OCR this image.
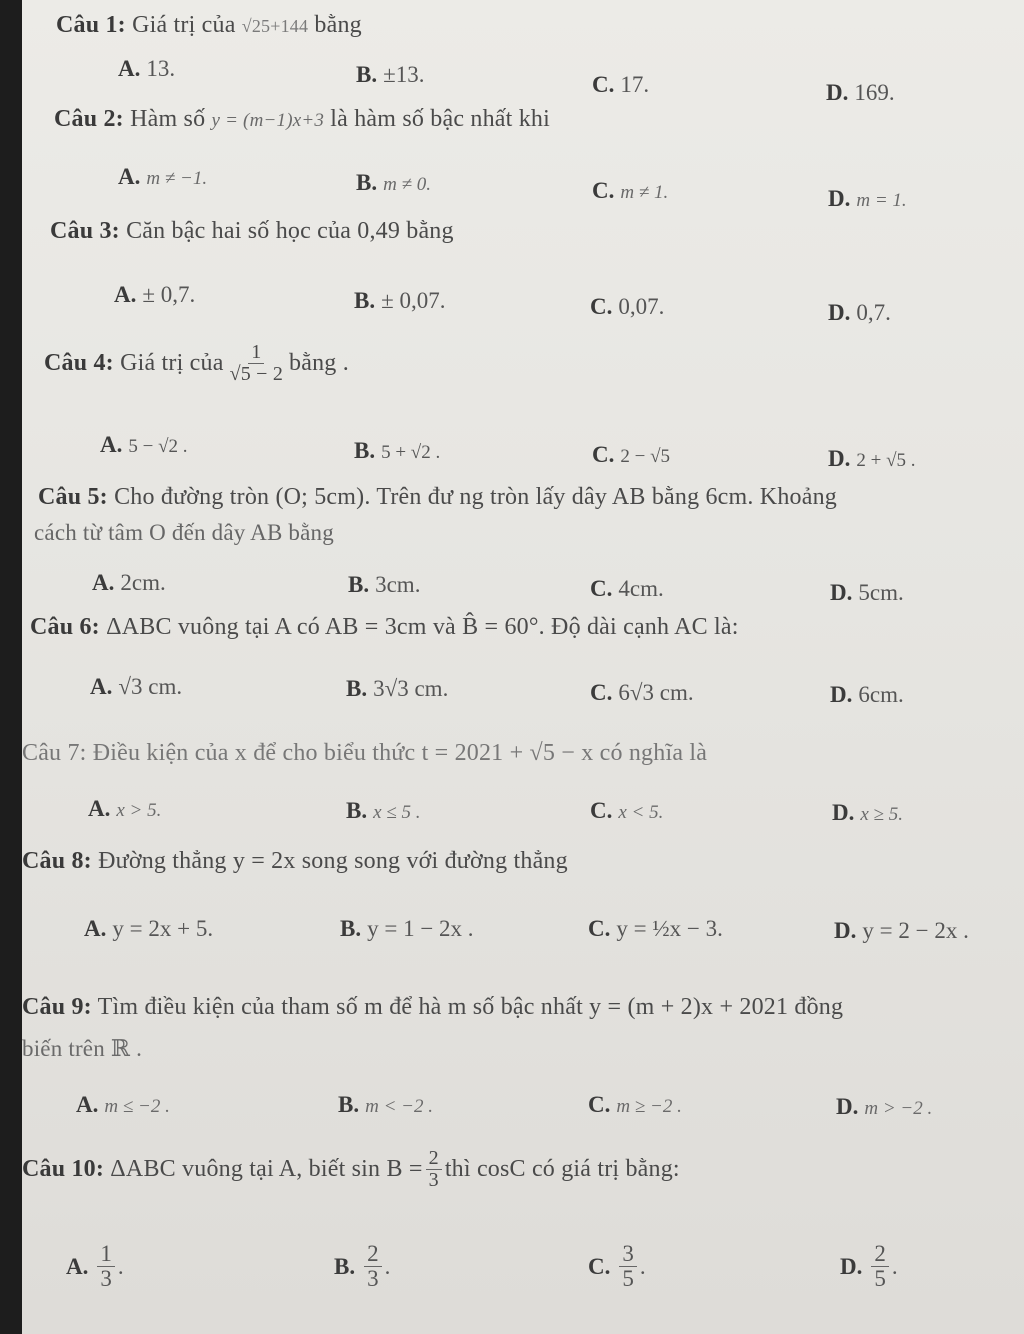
Câu 1: Giá trị của √25+144 bằng
A. 13.	B. ±13.	C. 17.	D. 169.
Câu 2: Hàm số y = (m−1)x+3 là hàm số bậc nhất khi
A. m ≠ −1.	B. m ≠ 0.	C. m ≠ 1.	D. m = 1.
Câu 3: Căn bậc hai số học của 0,49 bằng
A. ± 0,7.	B. ± 0,07.	C. 0,07.	D. 0,7.
Câu 4:
Giá trị của $\frac{1}{√5 - 2}$ bằng .
A. 5 − √2 .	B. 5 + √2 .	C. 2 − √5	D. 2 + √5 .
Câu 5: Cho đường tròn (O; 5cm). Trên đư ng tròn lấy dây AB bằng 6cm. Khoảng
cách từ tâm O đến dây AB bằng
A. 2cm.	B. 3cm.	C. 4cm.	D. 5cm.
Câu 6: ΔABC vuông tại A có AB = 3cm và B̂ = 60°. Độ dài cạnh AC là:
A. √3 cm.	B. 3√3 cm.	C. 6√3 cm.	D. 6cm.
Câu 7: Điều kiện của x để cho biểu thức t = 2021 + √5 − x có nghĩa là
A. x > 5.	B. x ≤ 5 .	C. x < 5.	D. x ≥ 5.
Câu 8: Đường thẳng y = 2x song song với đường thẳng
A. y = 2x + 5.	B. y = 1 − 2x .	C. y = ½x − 3.	D. y = 2 − 2x .
Câu 9: Tìm điều kiện của tham số m để hà m số bậc nhất y = (m + 2)x + 2021 đồng
biến trên ℝ .
A. m ≤ −2 .	B. m < −2 .	C. m ≥ −2 .	D. m > −2 .
Câu 10:
ΔABC vuông tại A, biết $\sin B = \frac{2}{3}$ thì cosC có giá trị bằng:
A. $\frac{1}{3}$ .	B. $\frac{2}{3}$ .	C. $\frac{3}{5}$ .	D. $\frac{2}{5}$ .
